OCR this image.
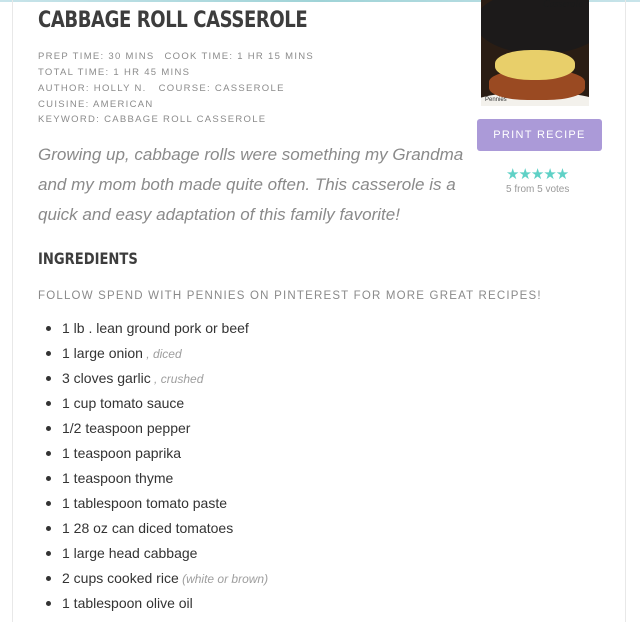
CABBAGE ROLL CASSEROLE
PREP TIME: 30 MINS COOK TIME: 1 HR 15 MINS
TOTAL TIME: 1 HR 45 MINS
AUTHOR: HOLLY N. COURSE: CASSEROLE
CUISINE: AMERICAN
KEYWORD: CABBAGE ROLL CASSEROLE
Growing up, cabbage rolls were something my Grandma and my mom both made quite often. This casserole is a quick and easy adaptation of this family favorite!
Casserole
Pennies
PRINT RECIPE
★★★★★
5 from 5 votes
INGREDIENTS
FOLLOW SPEND WITH PENNIES ON PINTEREST FOR MORE GREAT RECIPES!
1 lb . lean ground pork or beef
1 large onion , diced
3 cloves garlic , crushed
1 cup tomato sauce
1/2 teaspoon pepper
1 teaspoon paprika
1 teaspoon thyme
1 tablespoon tomato paste
1 28 oz can diced tomatoes
1 large head cabbage
2 cups cooked rice (white or brown)
1 tablespoon olive oil
